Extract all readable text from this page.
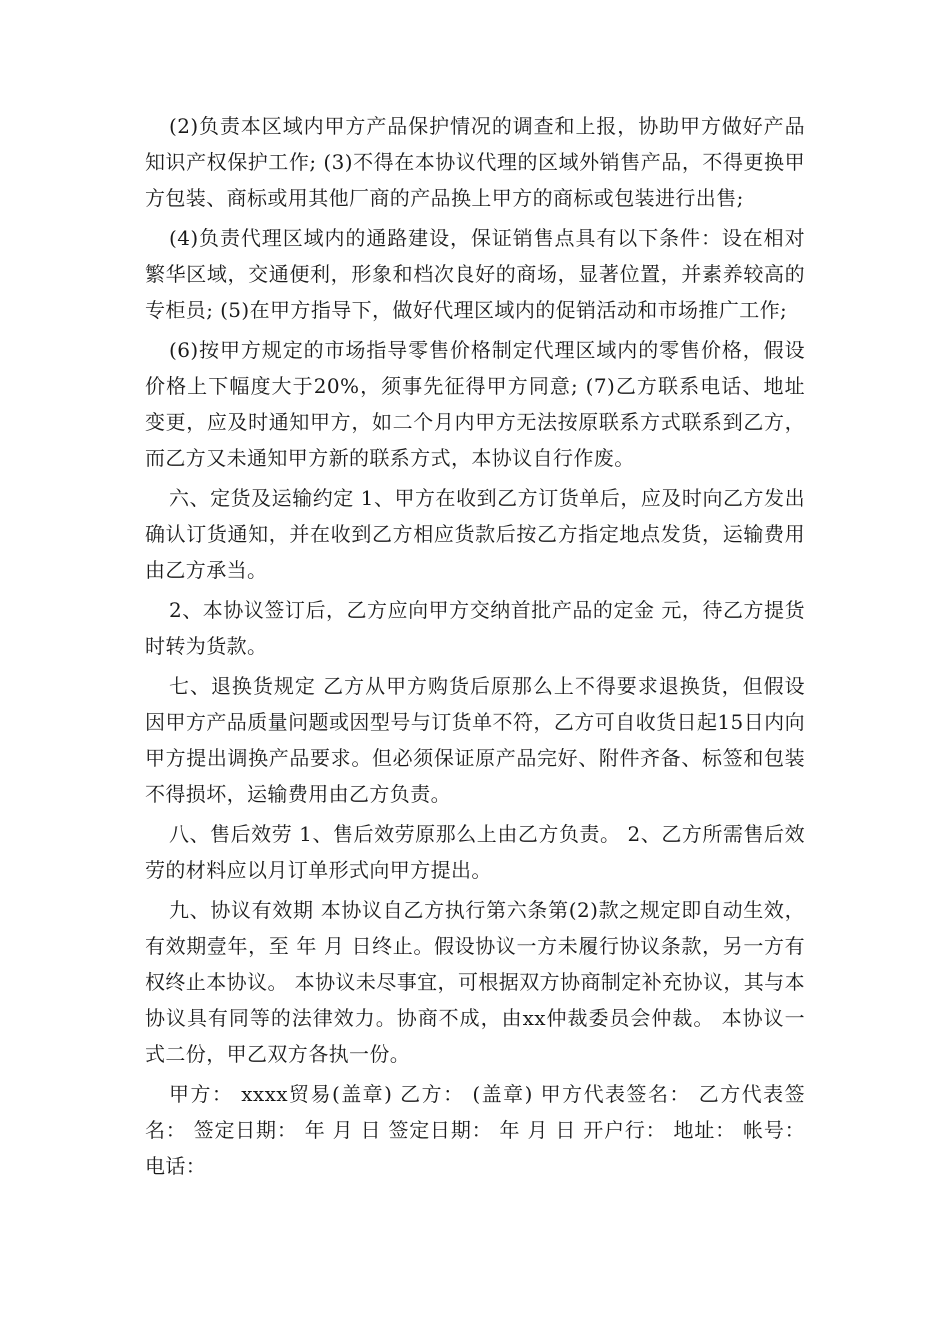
(2)负责本区域内甲方产品保护情况的调查和上报，协助甲方做好产品知识产权保护工作; (3)不得在本协议代理的区域外销售产品，不得更换甲方包装、商标或用其他厂商的产品换上甲方的商标或包装进行出售;

(4)负责代理区域内的通路建设，保证销售点具有以下条件：设在相对繁华区域，交通便利，形象和档次良好的商场，显著位置，并素养较高的专柜员; (5)在甲方指导下，做好代理区域内的促销活动和市场推广工作;

(6)按甲方规定的市场指导零售价格制定代理区域内的零售价格，假设价格上下幅度大于20%，须事先征得甲方同意; (7)乙方联系电话、地址变更，应及时通知甲方，如二个月内甲方无法按原联系方式联系到乙方，而乙方又未通知甲方新的联系方式，本协议自行作废。

六、定货及运输约定 1、甲方在收到乙方订货单后，应及时向乙方发出确认订货通知，并在收到乙方相应货款后按乙方指定地点发货，运输费用由乙方承当。

2、本协议签订后，乙方应向甲方交纳首批产品的定金 元，待乙方提货时转为货款。

七、退换货规定 乙方从甲方购货后原那么上不得要求退换货，但假设因甲方产品质量问题或因型号与订货单不符，乙方可自收货日起15日内向甲方提出调换产品要求。但必须保证原产品完好、附件齐备、标签和包装不得损坏，运输费用由乙方负责。

八、售后效劳 1、售后效劳原那么上由乙方负责。 2、乙方所需售后效劳的材料应以月订单形式向甲方提出。

九、协议有效期 本协议自乙方执行第六条第(2)款之规定即自动生效，有效期壹年，至 年 月 日终止。假设协议一方未履行协议条款，另一方有权终止本协议。 本协议未尽事宜，可根据双方协商制定补充协议，其与本协议具有同等的法律效力。协商不成，由xx仲裁委员会仲裁。 本协议一式二份，甲乙双方各执一份。

甲方： xxxx贸易(盖章) 乙方： (盖章) 甲方代表签名： 乙方代表签名： 签定日期： 年 月 日 签定日期： 年 月 日 开户行： 地址： 帐号： 电话：
